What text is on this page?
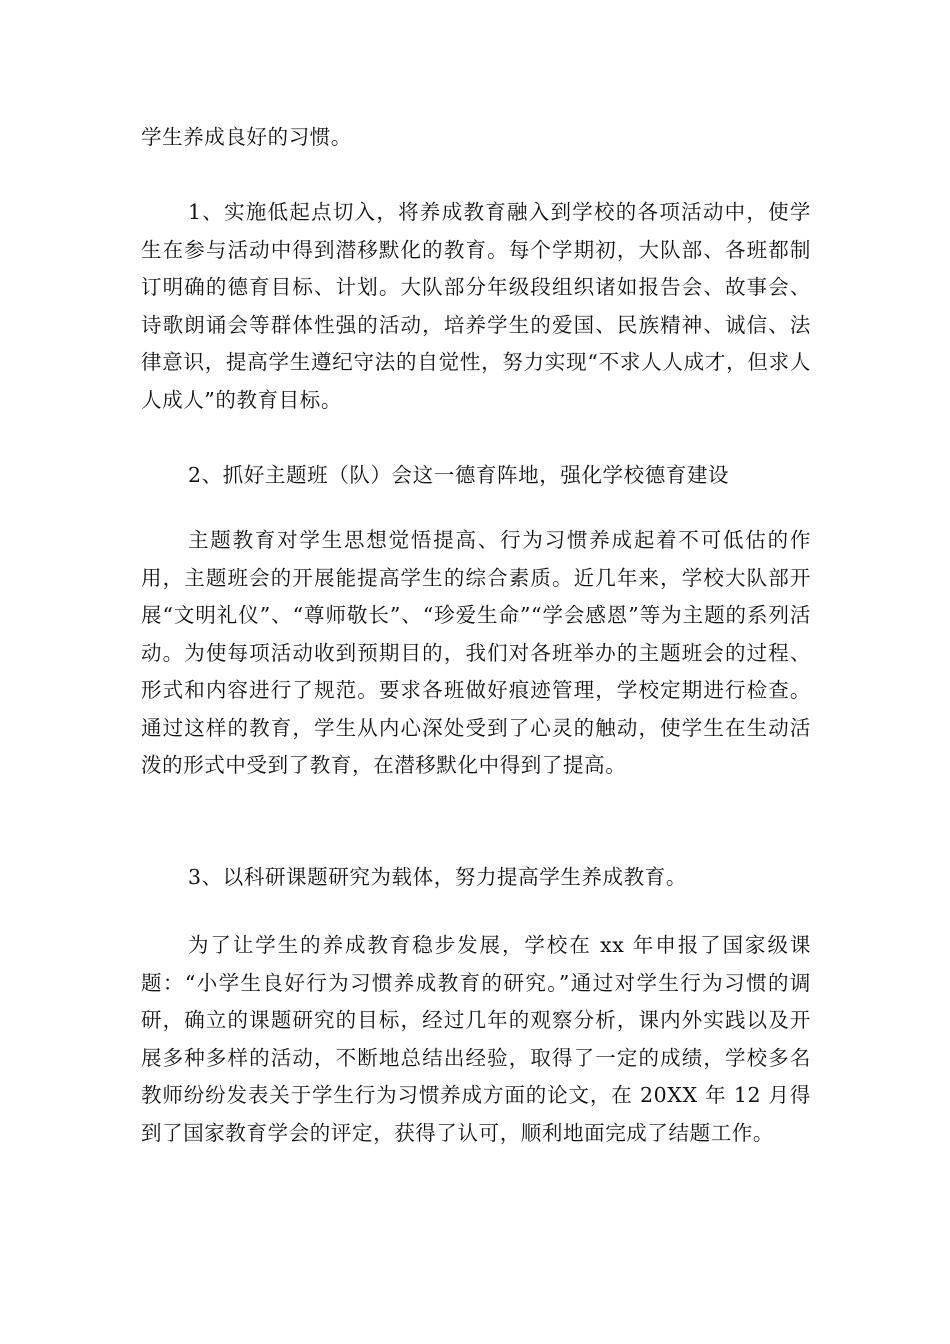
学生养成良好的习惯。

1、实施低起点切入，将养成教育融入到学校的各项活动中，使学生在参与活动中得到潜移默化的教育。每个学期初，大队部、各班都制订明确的德育目标、计划。大队部分年级段组织诸如报告会、故事会、诗歌朗诵会等群体性强的活动，培养学生的爱国、民族精神、诚信、法律意识，提高学生遵纪守法的自觉性，努力实现“不求人人成才，但求人人成人”的教育目标。

2、抓好主题班（队）会这一德育阵地，强化学校德育建设

主题教育对学生思想觉悟提高、行为习惯养成起着不可低估的作用，主题班会的开展能提高学生的综合素质。近几年来，学校大队部开展“文明礼仪”、“尊师敬长”、“珍爱生命”“学会感恩”等为主题的系列活动。为使每项活动收到预期目的，我们对各班举办的主题班会的过程、形式和内容进行了规范。要求各班做好痕迹管理，学校定期进行检查。通过这样的教育，学生从内心深处受到了心灵的触动，使学生在生动活泼的形式中受到了教育，在潜移默化中得到了提高。

3、以科研课题研究为载体，努力提高学生养成教育。

为了让学生的养成教育稳步发展，学校在 xx 年申报了国家级课题：“小学生良好行为习惯养成教育的研究。”通过对学生行为习惯的调研，确立的课题研究的目标，经过几年的观察分析，课内外实践以及开展多种多样的活动，不断地总结出经验，取得了一定的成绩，学校多名教师纷纷发表关于学生行为习惯养成方面的论文，在 20XX 年 12 月得到了国家教育学会的评定，获得了认可，顺利地面完成了结题工作。
